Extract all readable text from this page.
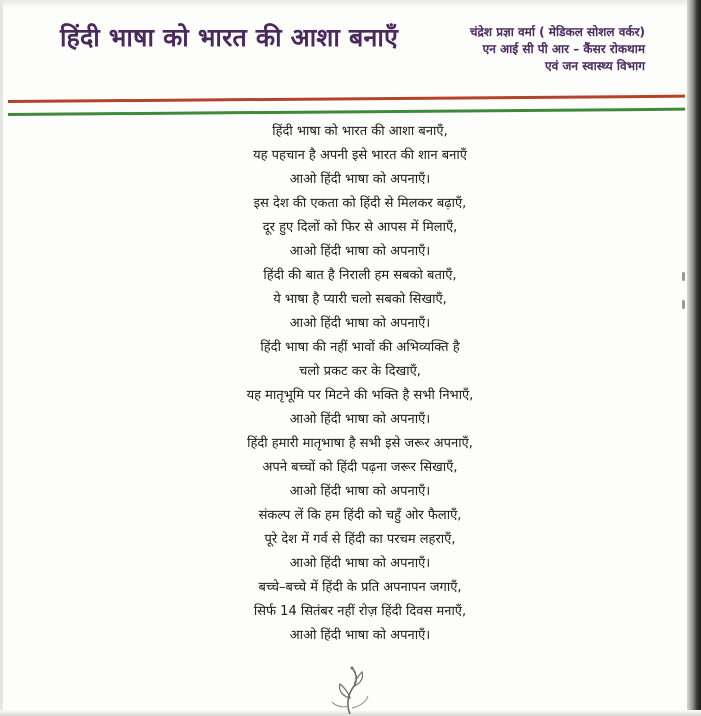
हिंदी भाषा को भारत की आशा बनाएँ	चंद्रेश प्रज्ञा वर्मा ( मेडिकल सोशल वर्कर)
एन आई सी पी आर – कैंसर रोकथाम
एवं जन स्वास्थ्य विभाग
हिंदी भाषा को भारत की आशा बनाएँ,
यह पहचान है अपनी इसे भारत की शान बनाएँ
आओ हिंदी भाषा को अपनाएँ।
इस देश की एकता को हिंदी से मिलकर बढ़ाएँ,
दूर हुए दिलों को फिर से आपस में मिलाएँ,
आओ हिंदी भाषा को अपनाएँ।
हिंदी की बात है निराली हम सबको बताएँ,
ये भाषा है प्यारी चलो सबको सिखाएँ,
आओ हिंदी भाषा को अपनाएँ।
हिंदी भाषा की नहीं भावों की अभिव्यक्ति है
चलो प्रकट कर के दिखाएँ,
यह मातृभूमि पर मिटने की भक्ति है सभी निभाएँ,
आओ हिंदी भाषा को अपनाएँ।
हिंदी हमारी मातृभाषा है सभी इसे जरूर अपनाएँ,
अपने बच्चों को हिंदी पढ़ना जरूर सिखाएँ,
आओ हिंदी भाषा को अपनाएँ।
संकल्प लें कि हम हिंदी को चहुँ ओर फैलाएँ,
पूरे देश में गर्व से हिंदी का परचम लहराएँ,
आओ हिंदी भाषा को अपनाएँ।
बच्चे–बच्चे में हिंदी के प्रति अपनापन जगाएँ,
सिर्फ 14 सितंबर नहीं रोज़ हिंदी दिवस मनाएँ,
आओ हिंदी भाषा को अपनाएँ।
